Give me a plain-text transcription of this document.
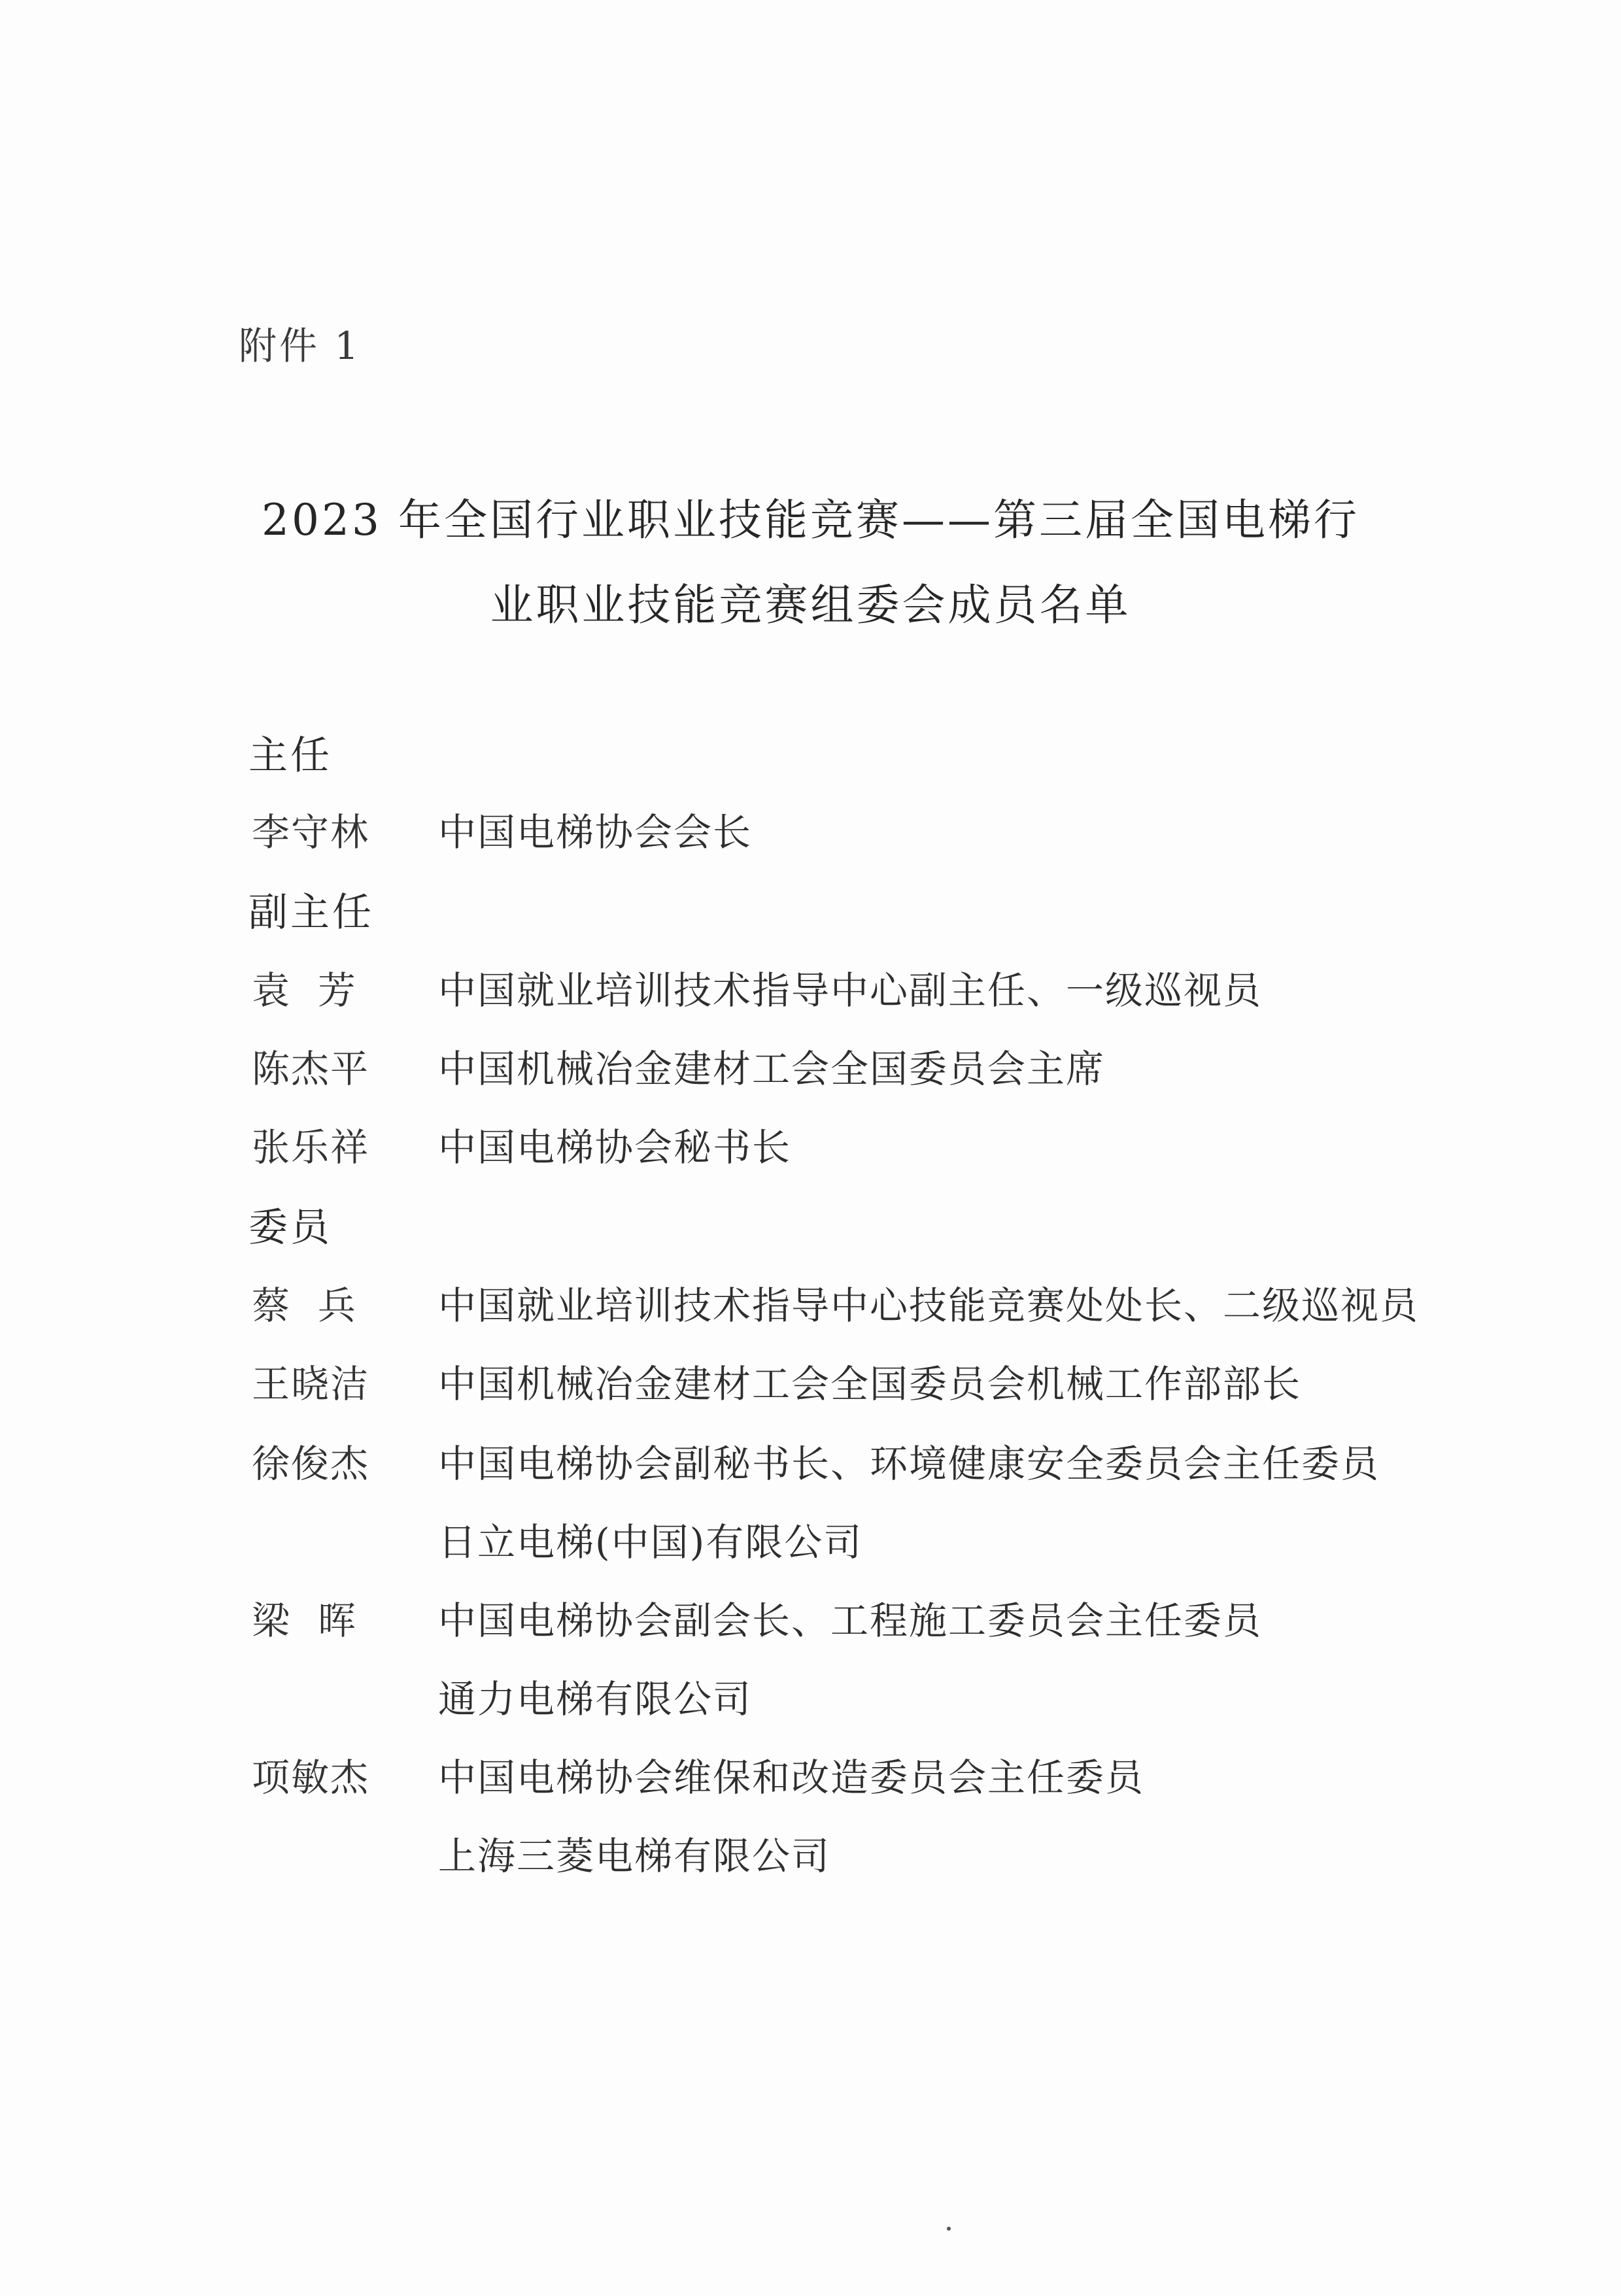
附件 1
2023 年全国行业职业技能竞赛——第三届全国电梯行
业职业技能竞赛组委会成员名单
主任
李守林	中国电梯协会会长
副主任
袁  芳	中国就业培训技术指导中心副主任、一级巡视员
陈杰平	中国机械冶金建材工会全国委员会主席
张乐祥	中国电梯协会秘书长
委员
蔡  兵	中国就业培训技术指导中心技能竞赛处处长、二级巡视员
王晓洁	中国机械冶金建材工会全国委员会机械工作部部长
徐俊杰	中国电梯协会副秘书长、环境健康安全委员会主任委员
日立电梯(中国)有限公司
梁  晖	中国电梯协会副会长、工程施工委员会主任委员
通力电梯有限公司
项敏杰	中国电梯协会维保和改造委员会主任委员
上海三菱电梯有限公司
